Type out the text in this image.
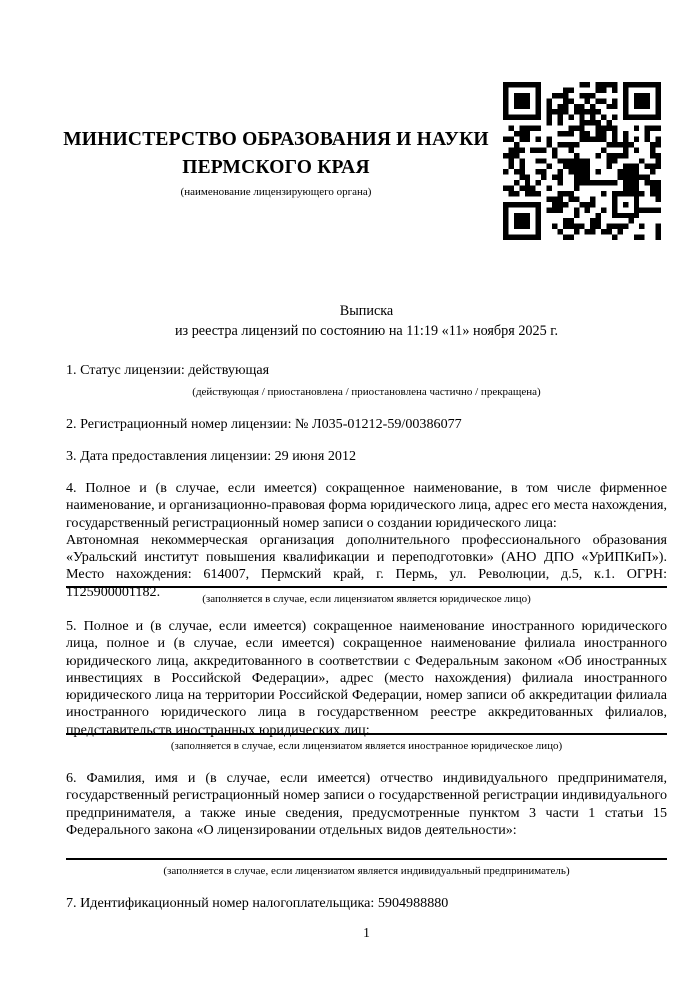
МИНИСТЕРСТВО ОБРАЗОВАНИЯ И НАУКИ
ПЕРМСКОГО КРАЯ
(наименование лицензирующего органа)
Выписка
из реестра лицензий по состоянию на 11:19 «11» ноября 2025 г.

1. Статус лицензии: действующая

(действующая / приостановлена / приостановлена частично / прекращена)

2. Регистрационный номер лицензии: № Л035-01212-59/00386077

3. Дата предоставления лицензии: 29 июня 2012

4. Полное и (в случае, если имеется) сокращенное наименование, в том числе фирменное наименование, и организационно-правовая форма юридического лица, адрес его места нахождения, государственный регистрационный номер записи о создании юридического лица:

Автономная некоммерческая организация дополнительного профессионального образования «Уральский институт повышения квалификации и переподготовки» (АНО ДПО «УрИПКиП»). Место нахождения: 614007, Пермский край, г. Пермь, ул. Революции, д.5, к.1. ОГРН: 1125900001182.	(заполняется в случае, если лицензиатом является юридическое лицо)

5. Полное и (в случае, если имеется) сокращенное наименование иностранного юридического лица, полное и (в случае, если имеется) сокращенное наименование филиала иностранного юридического лица, аккредитованного в соответствии с Федеральным законом «Об иностранных инвестициях в Российской Федерации», адрес (место нахождения) филиала иностранного юридического лица на территории Российской Федерации, номер записи об аккредитации филиала иностранного юридического лица в государственном реестре аккредитованных филиалов, представительств иностранных юридических лиц:

(заполняется в случае, если лицензиатом является иностранное юридическое лицо)

6. Фамилия, имя и (в случае, если имеется) отчество индивидуального предпринимателя, государственный регистрационный номер записи о государственной регистрации индивидуального предпринимателя, а также иные сведения, предусмотренные пунктом 3 части 1 статьи 15 Федерального закона «О лицензировании отдельных видов деятельности»:

(заполняется в случае, если лицензиатом является индивидуальный предприниматель)

7. Идентификационный номер налогоплательщика: 5904988880

1
